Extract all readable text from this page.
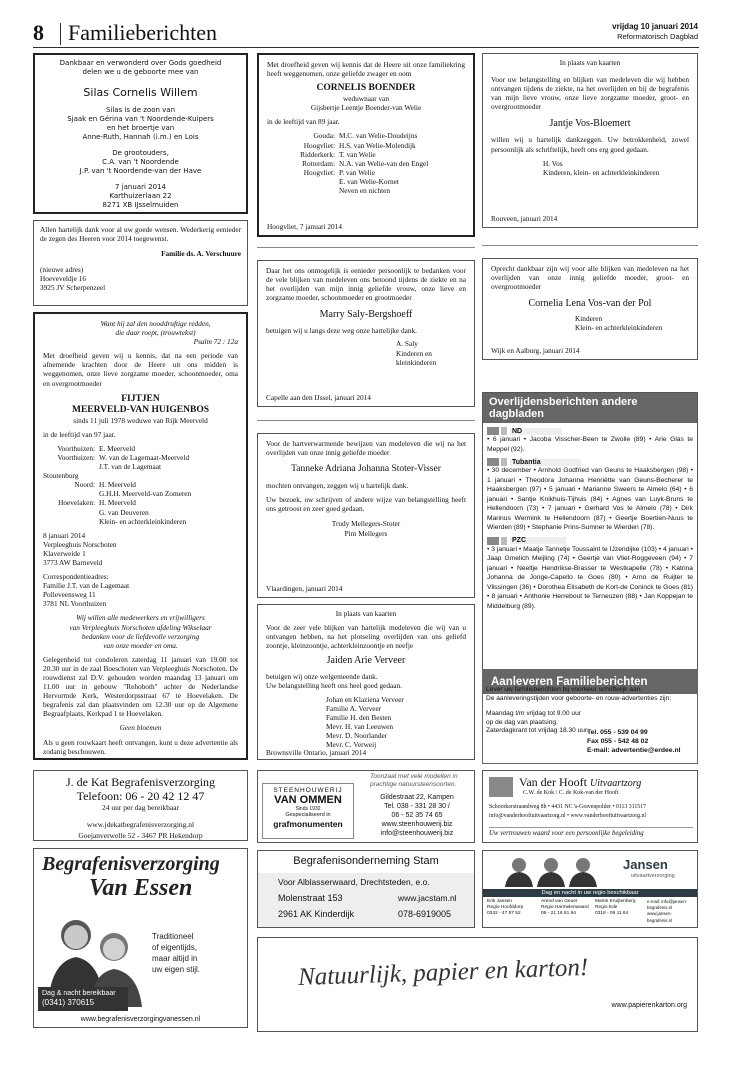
8 Familieberichten	vrijdag 10 januari 2014
Reformatorisch Dagblad
Dankbaar en verwonderd over Gods goedheid
delen we u de geboorte mee van
Silas Cornelis Willem
Silas is de zoon van
Sjaak en Gérina van 't Noordende-Kuipers
en het broertje van
Anne-Ruth, Hannah (i.m.) en Lois
De grootouders,
C.A. van 't Noordende
J.P. van 't Noordende-van der Have
7 januari 2014
Karthuizerlaan 22
8271 XB IJsselmuiden
Allen hartelijk dank voor al uw goede wensen. Wederkerig eenieder de zegen des Heeren voor 2014 toegewenst.
Familie ds. A. Verschuure
(nieuwe adres)
Hoeveveldje 16
3925 JV Scherpenzeel
Want hij zal den nooddruftige redden,
die daar roept, (trouwtekst)
Psalm 72 : 12a
Met droefheid geven wij u kennis, dat na een periode van afnemende krachten door de Heere uit ons midden is weggenomen, onze lieve zorgzame moeder, schoonmoeder, oma en overgrootmoeder
FIJTJEN
MEERVELD-VAN HUIGENBOS
sinds 11 juli 1978 weduwe van Rijk Meerveld
in de leeftijd van 97 jaar.
Voorthuizen: E. Meerveld
Voorthuizen: W. van de Lagemaat-Meerveld
J.T. van de Lagemaat
Stoutenburg
Noord: H. Meerveld
G.H.H. Meerveld-van Zomeren
Hoevelaken: H. Meerveld
G. van Deuveren
Klein- en achterkleinkinderen
8 januari 2014
Verpleeghuis Norschoten
Klaverweide 1
3773 AW Barneveld
Correspondentieadres:
Familie J.T. van de Lagemaat
Polleveensweg 11
3781 NL Voorthuizen
Wij willen alle medewerkers en vrijwilligers
van Verpleeghuis Norschoten afdeling Wikselaar
bedanken voor de liefdevolle verzorging
van onze moeder en oma.
Gelegenheid tot condoleren zaterdag 11 januari van 19.00 tot 20.30 uur in de zaal Boeschoten van Verpleeghuis Norschoten. De rouwdienst zal D.V. gehouden worden maandag 13 januari om 11.00 uur in gebouw "Rehoboth" achter de Nederlandse Hervormde Kerk, Westerdorpsstraat 67 te Hoevelaken. De begrafenis zal dan plaatsvinden om 12.30 uur op de Algemene Begraafplaats, Kerkpad 1 te Hoevelaken.
Geen bloemen
Als u geen rouwkaart heeft ontvangen, kunt u deze advertentie als zodanig beschouwen.
J. de Kat Begrafenisverzorging
Telefoon: 06 - 20 42 12 47
24 uur per dag bereikbaar
www.jdekatbegrafenisverzorging.nl
Goejanverwelle 52 - 3467 PR Hekendorp
Begrafenisverzorging
Van Essen
Traditioneel
of eigentijds,
maar altijd in
uw eigen stijl.
Dag & nacht bereikbaar
(0341) 370615
www.begrafenisverzorgingvanessen.nl
Met droefheid geven wij kennis dat de Heere uit onze familiekring heeft weggenomen, onze geliefde zwager en oom
CORNELIS BOENDER
weduwnaar van
Gijsbertje Leentje Boender-van Welie
in de leeftijd van 89 jaar.
Gouda: M.C. van Welie-Doudeijns
Hoogvliet: H.S. van Welie-Molendijk
Ridderkerk: T. van Welie
Rotterdam: N.A. van Welie-van den Engel
Hoogvliet: P. van Welie
E. van Welie-Kornet
Neven en nichten
Hoogvliet, 7 januari 2014
Daar het ons onmogelijk is eenieder persoonlijk te bedanken voor de vele blijken van medeleven ons betoond tijdens de ziekte en na het overlijden van mijn innig geliefde vrouw, onze lieve en zorgzame moeder, schoonmoeder en grootmoeder
Marry Saly-Bergshoeff
betuigen wij u langs deze weg onze hartelijke dank.
A. Saly
Kinderen en
kleinkinderen
Capelle aan den IJssel, januari 2014
Voor de hartverwarmende bewijzen van medeleven die wij na het overlijden van onze innig geliefde moeder
Tanneke Adriana Johanna Stoter-Visser
mochten ontvangen, zeggen wij u hartelijk dank.
Uw bezoek, uw schrijven of andere wijze van belangstelling heeft ons getroost en zeer goed gedaan.
Trudy Mellegers-Stoter
Pim Mellegers
Vlaardingen, januari 2014
In plaats van kaarten
Voor de zeer vele blijken van hartelijk medeleven die wij van u ontvangen hebben, na het plotseling overlijden van ons geliefd zoontje, kleinzoontje, achterkleinzoontje en neefje
Jaiden Arie Verveer
betuigen wij onze welgemeende dank.
Uw belangstelling heeft ons heel goed gedaan.
Johan en Klaziena Verveer
Familie A. Verveer
Familie H. den Besten
Mevr. H. van Leeuwen
Mevr. D. Noorlander
Mevr. C. Verweij
Brownsville Ontario, januari 2014
STEENHOUWERIJ
VAN OMMEN
Sinds 1932
Gespecialiseerd in
grafmonumenten
Toonzaal met vele modellen in
prachtige natuursteensoorten.
Gildestraat 22, Kampen
Tel. 038 - 331 28 30 /
06 - 52 35 74 65
www.steenhouwerij.biz
info@steenhouwerij.biz
Begrafenisonderneming Stam
Voor Alblasserwaard, Drechtsteden, e.o.
Molenstraat 153	www.jacstam.nl
2961 AK Kinderdijk	078-6919005
In plaats van kaarten
Voor uw belangstelling en blijken van medeleven die wij hebben ontvangen tijdens de ziekte, na het overlijden en bij de begrafenis van mijn lieve vrouw, onze lieve zorgzame moeder, groot- en overgrootmoeder
Jantje Vos-Bloemert
willen wij u hartelijk dankzeggen. Uw betrokkenheid, zowel persoonlijk als schriftelijk, heeft ons erg goed gedaan.
H. Vos
Kinderen, klein- en achterkleinkinderen
Rouveen, januari 2014
Oprecht dankbaar zijn wij voor alle blijken van medeleven na het overlijden van onze innig geliefde moeder, groot- en overgrootmoeder
Cornelia Lena Vos-van der Pol
Kinderen
Klein- en achterkleinkinderen
Wijk en Aalburg, januari 2014
Overlijdensberichten andere dagbladen
ND
• 6 januari • Jacoba Visscher-Been te Zwolle (89) • Arie Glas te Meppel (92).
Tubantia
• 30 december • Arnhold Godfried van Geuns te Haaksbergen (98) • 1 januari • Theodora Johanna Henriëtte van Geuns-Becherer te Haaksbergen (97) • 5 januari • Marianne Sweers te Almelo (64) • 6 januari • Santje Knikhuis-Tijhuis (84) • Agnes van Luyk-Bruns te Hellendoorn (73) • 7 januari • Gerhard Vos te Almelo (78) • Dirk Marinus Wermink te Hellendoorn (87) • Geertje Boertien-Nuus te Wierden (89) • Stephanie Prins-Sumner te Wierden (78).
PZC
• 3 januari • Maatje Tannetje Toussaint te IJzendijke (103) • 4 januari • Jaap Gmelich Meijling (74) • Geertje van Vliet-Roggeveen (94) • 7 januari • Neeltje Hendrikse-Brasser te Westkapelle (78) • Katrina Johanna de Jonge-Capello te Goes (80) • Arno de Ruijter te Vlissingen (36) • Dorothea Elisabeth de Kort-de Coninck te Goes (81) • 8 januari • Anthonie Herrebout te Terneuzen (88) • Jan Koppejan te Middelburg (89).
Aanleveren Familieberichten
Lever uw familieberichten bij voorkeur schriftelijk aan.
De aanleveringstijden voor geboorte- en rouw-advertenties zijn;
Maandag t/m vrijdag tot 9.00 uur
op de dag van plaatsing.
Zaterdagkrant tot vrijdag 18.30 uur.
Tel. 055 - 539 04 99
Fax 055 - 542 48 02
E-mail: advertentie@erdee.nl
Van der Hooft Uitvaartzorg
C.W. de Kok / C. de Kok-van der Hooft
Schoorkerstraandweg 8b • 4431 NC 's-Gravenpolder • 0113 311517
info@vanderhooftuitvaartzorg.nl • www.vanderhooftuitvaartzorg.nl
Uw vertrouwen waard voor een persoonlijke begeleiding
Jansen
uitvaartverzorging
Dag en nacht in uw regio beschikbaar
Erik Jansen
Regio Hoofddorp
0342 - 47 87 52
Arend van Geuer
Regio Harmelenwaard
06 - 21 16 61 94
Martin Kruijtenberg
Regio Ede
0318 - 06 11 84
e-mail: info@jansen-begrafenis.nl
www.jansen-begrafenis.nl
Natuurlijk, papier en karton!
www.papierenkarton.org
